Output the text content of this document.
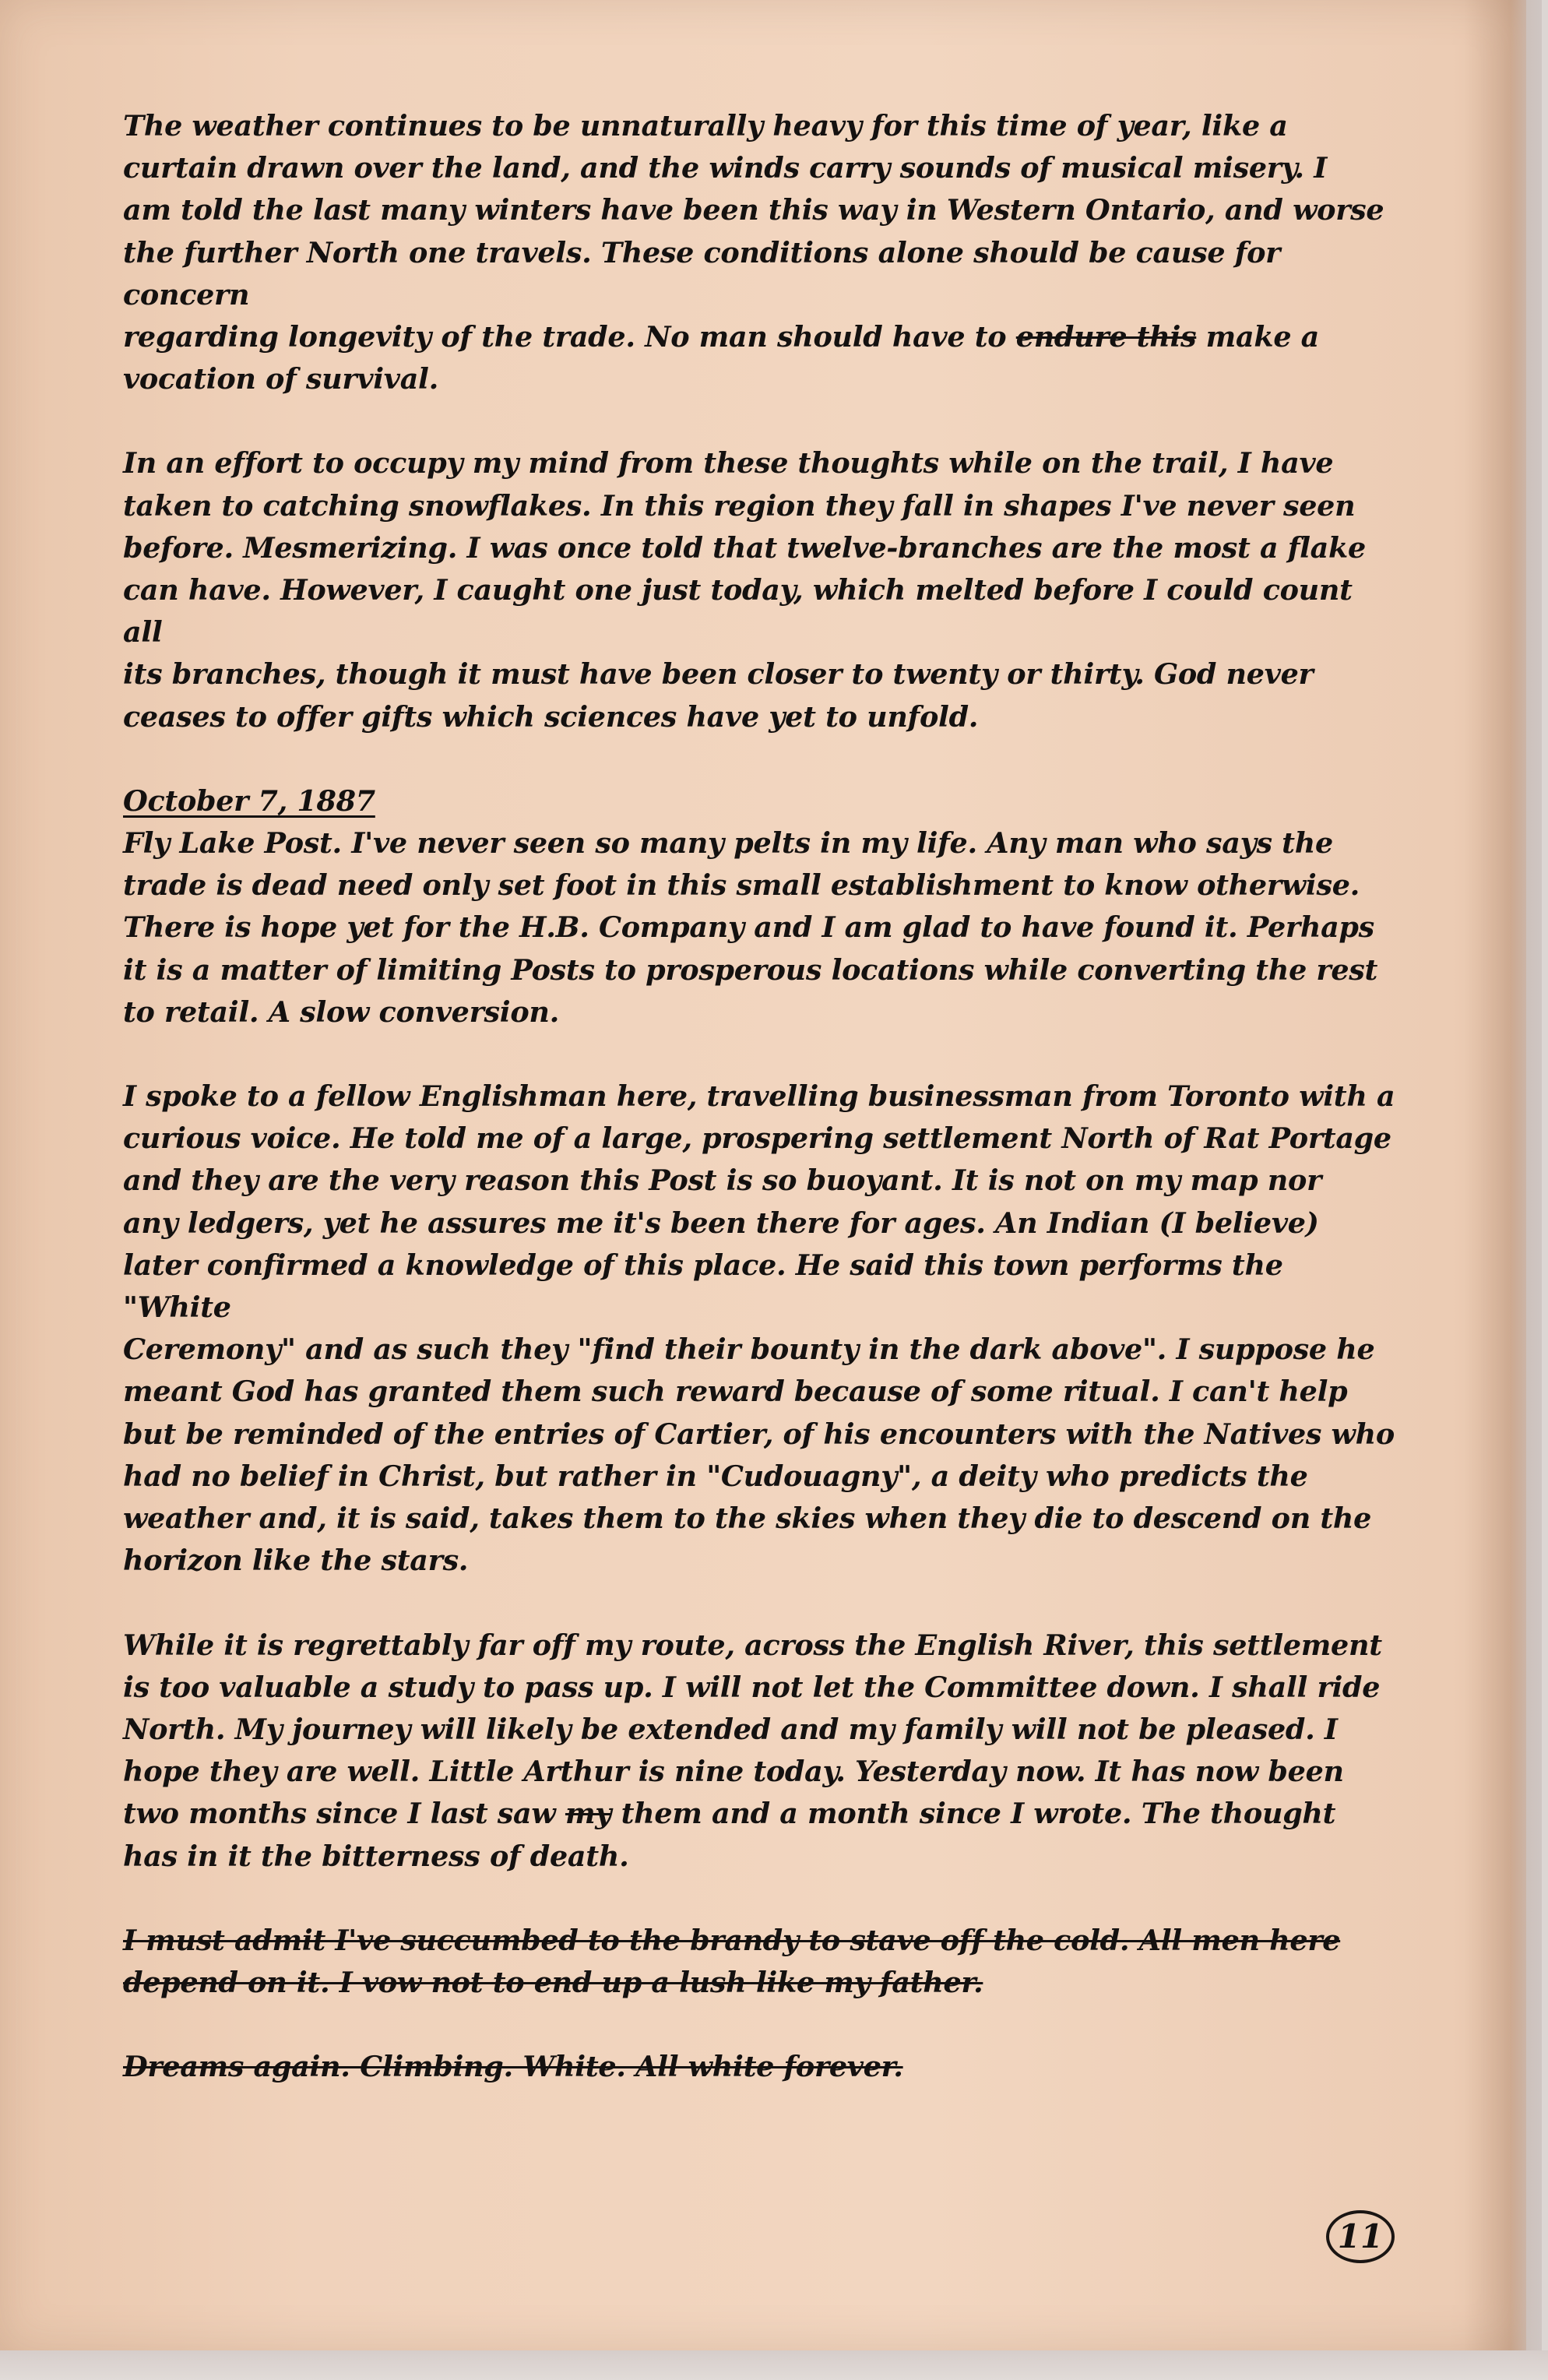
The weather continues to be unnaturally heavy for this time of year, like a
curtain drawn over the land, and the winds carry sounds of musical misery. I
am told the last many winters have been this way in Western Ontario, and worse
the further North one travels. These conditions alone should be cause for concern
regarding longevity of the trade. No man should have to endure this make a
vocation of survival.

In an effort to occupy my mind from these thoughts while on the trail, I have
taken to catching snowflakes. In this region they fall in shapes I've never seen
before. Mesmerizing. I was once told that twelve-branches are the most a flake
can have. However, I caught one just today, which melted before I could count all
its branches, though it must have been closer to twenty or thirty. God never
ceases to offer gifts which sciences have yet to unfold.

October 7, 1887

Fly Lake Post. I've never seen so many pelts in my life. Any man who says the
trade is dead need only set foot in this small establishment to know otherwise.
There is hope yet for the H.B. Company and I am glad to have found it. Perhaps
it is a matter of limiting Posts to prosperous locations while converting the rest
to retail. A slow conversion.

I spoke to a fellow Englishman here, travelling businessman from Toronto with a
curious voice. He told me of a large, prospering settlement North of Rat Portage
and they are the very reason this Post is so buoyant. It is not on my map nor
any ledgers, yet he assures me it's been there for ages. An Indian (I believe)
later confirmed a knowledge of this place. He said this town performs the "White
Ceremony" and as such they "find their bounty in the dark above". I suppose he
meant God has granted them such reward because of some ritual. I can't help
but be reminded of the entries of Cartier, of his encounters with the Natives who
had no belief in Christ, but rather in "Cudouagny", a deity who predicts the
weather and, it is said, takes them to the skies when they die to descend on the
horizon like the stars.

While it is regrettably far off my route, across the English River, this settlement
is too valuable a study to pass up. I will not let the Committee down. I shall ride
North. My journey will likely be extended and my family will not be pleased. I
hope they are well. Little Arthur is nine today. Yesterday now. It has now been
two months since I last saw my them and a month since I wrote. The thought
has in it the bitterness of death.

I must admit I've succumbed to the brandy to stave off the cold. All men here
depend on it. I vow not to end up a lush like my father.

Dreams again. Climbing. White. All white forever.

11
